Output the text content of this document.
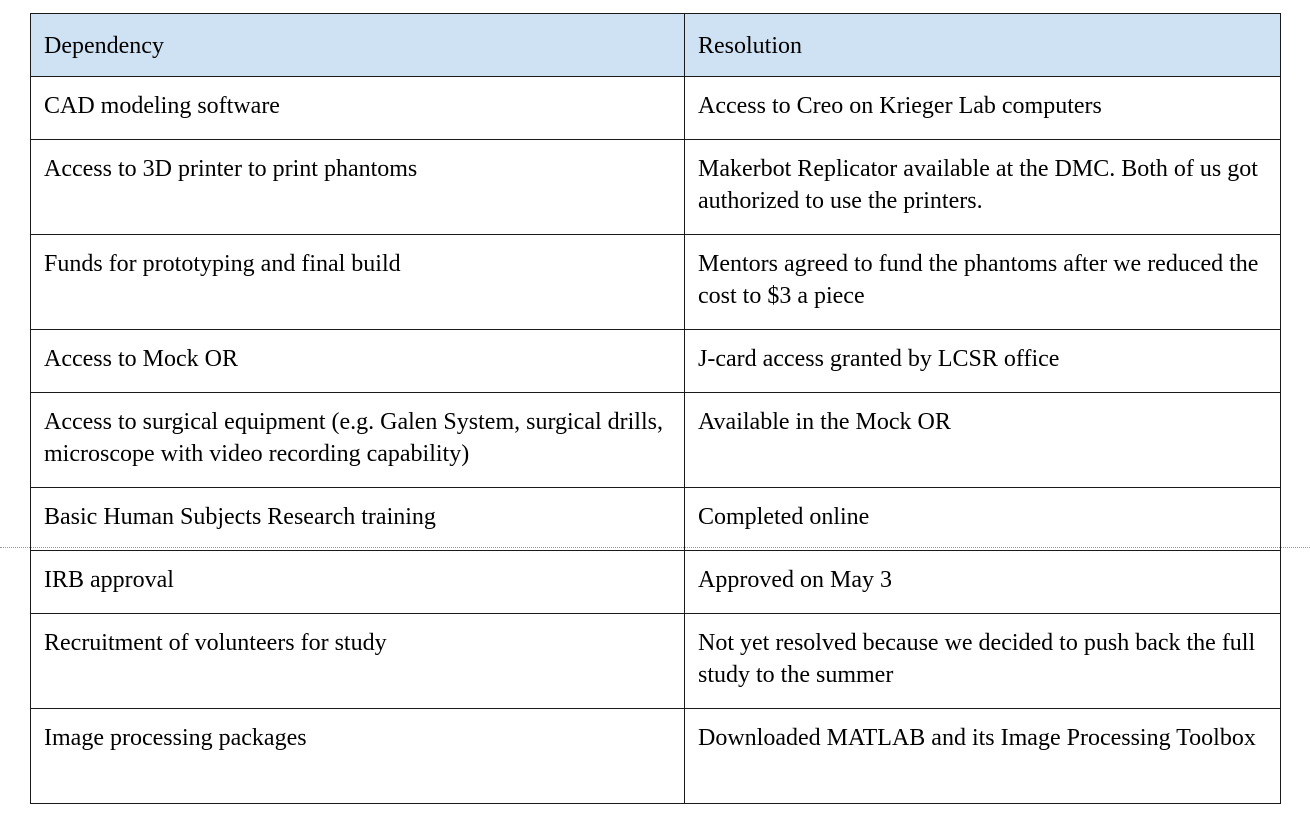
Dependency	Resolution
CAD modeling software	Access to Creo on Krieger Lab computers
Access to 3D printer to print phantoms	Makerbot Replicator available at the DMC. Both of us got authorized to use the printers.
Funds for prototyping and final build	Mentors agreed to fund the phantoms after we reduced the cost to $3 a piece
Access to Mock OR	J-card access granted by LCSR office
Access to surgical equipment (e.g. Galen System, surgical drills, microscope with video recording capability)	Available in the Mock OR
Basic Human Subjects Research training	Completed online
IRB approval	Approved on May 3
Recruitment of volunteers for study	Not yet resolved because we decided to push back the full study to the summer
Image processing packages	Downloaded MATLAB and its Image Processing Toolbox
